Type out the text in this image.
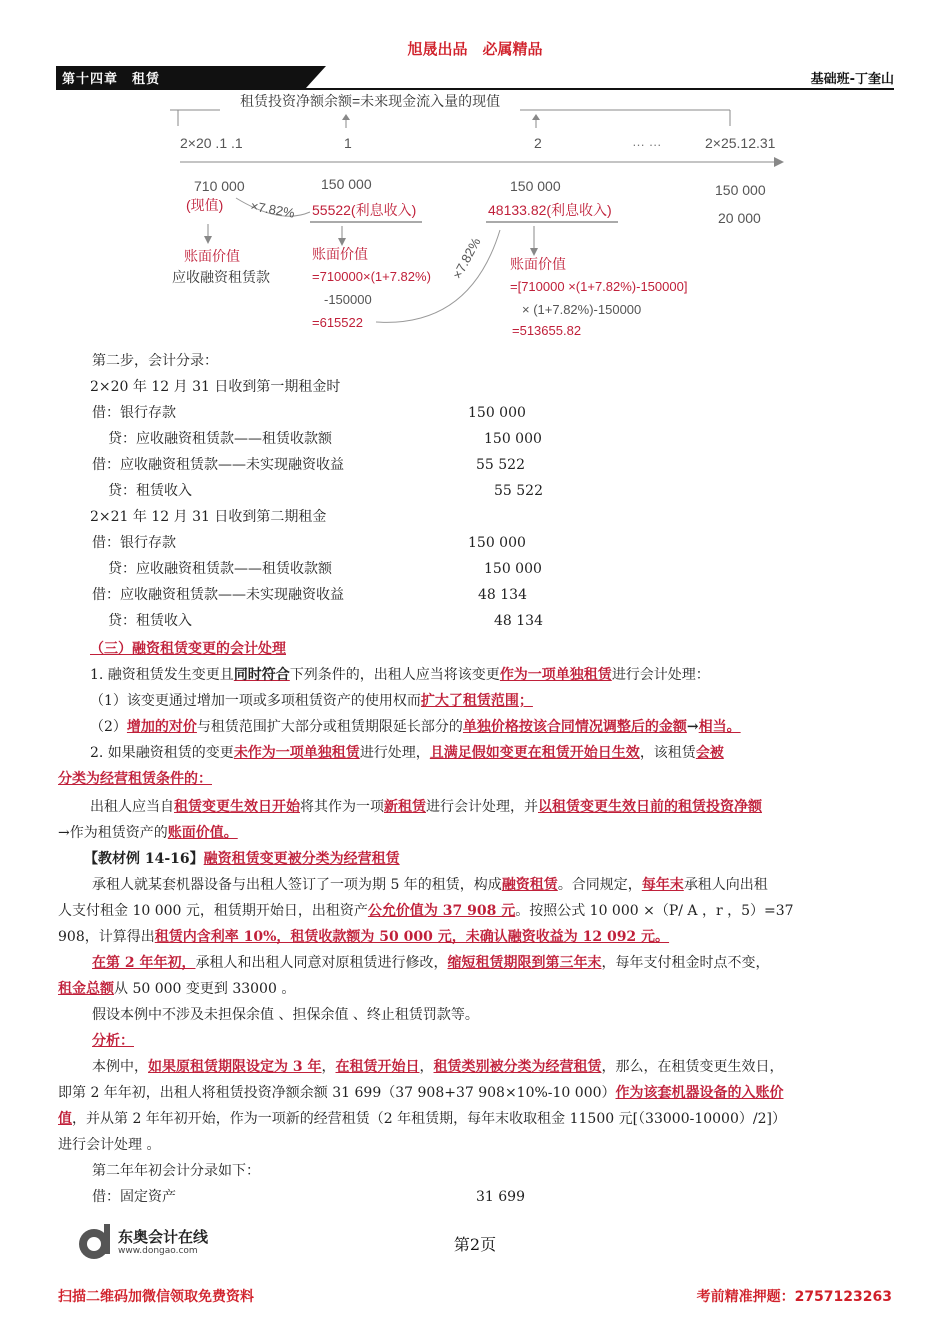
旭晟出品　必属精品
第十四章　租赁	基础班-丁奎山
租赁投资净额余额=未来现金流入量的现值
2×20 .1 .1	1	2	… …	2×25.12.31
710 000	150 000	150 000	150 000
20 000
(现值) ×7.82% 55522(利息收入)	48133.82(利息收入)
账面价值
应收融资租赁款
账面价值
=710000×(1+7.82%)
-150000
=615522
×7.82% 账面价值
=[710000 ×(1+7.82%)-150000]
× (1+7.82%)-150000
=513655.82
第二步，会计分录：
2×20 年 12 月 31 日收到第一期租金时
借：银行存款	150 000
贷：应收融资租赁款——租赁收款额	150 000
借：应收融资租赁款——未实现融资收益	55 522
贷：租赁收入	55 522
2×21 年 12 月 31 日收到第二期租金
借：银行存款	150 000
贷：应收融资租赁款——租赁收款额	150 000
借：应收融资租赁款——未实现融资收益	48 134
贷：租赁收入	48 134
（三）融资租赁变更的会计处理
1. 融资租赁发生变更且同时符合下列条件的，出租人应当将该变更作为一项单独租赁进行会计处理：
（1）该变更通过增加一项或多项租赁资产的使用权而扩大了租赁范围；
（2）增加的对价与租赁范围扩大部分或租赁期限延长部分的单独价格按该合同情况调整后的金额→相当。
2. 如果融资租赁的变更未作为一项单独租赁进行处理，且满足假如变更在租赁开始日生效，该租赁会被
分类为经营租赁条件的：
出租人应当自租赁变更生效日开始将其作为一项新租赁进行会计处理，并以租赁变更生效日前的租赁投资净额
→作为租赁资产的账面价值。
【教材例 14-16】融资租赁变更被分类为经营租赁
承租人就某套机器设备与出租人签订了一项为期 5 年的租赁，构成融资租赁。合同规定，每年末承租人向出租
人支付租金 10 000 元，租赁期开始日，出租资产公允价值为 37 908 元。按照公式 10 000 ×（P/ A ，r ，5）=37
908，计算得出租赁内含利率 10%，租赁收款额为 50 000 元，未确认融资收益为 12 092 元。
在第 2 年年初，承租人和出租人同意对原租赁进行修改，缩短租赁期限到第三年末，每年支付租金时点不变，
租金总额从 50 000 变更到 33000 。
假设本例中不涉及未担保余值 、担保余值 、终止租赁罚款等。
分析：
本例中，如果原租赁期限设定为 3 年，在租赁开始日，租赁类别被分类为经营租赁，那么，在租赁变更生效日，
即第 2 年年初，出租人将租赁投资净额余额 31 699（37 908+37 908×10%-10 000）作为该套机器设备的入账价
值，并从第 2 年年初开始，作为一项新的经营租赁（2 年租赁期，每年末收取租金 11500 元[（33000-10000）/2]）
进行会计处理 。
第二年年初会计分录如下：
借：固定资产	31 699
东奥会计在线
www.dongao.com	第2页
扫描二维码加微信领取免费资料	考前精准押题：2757123263
